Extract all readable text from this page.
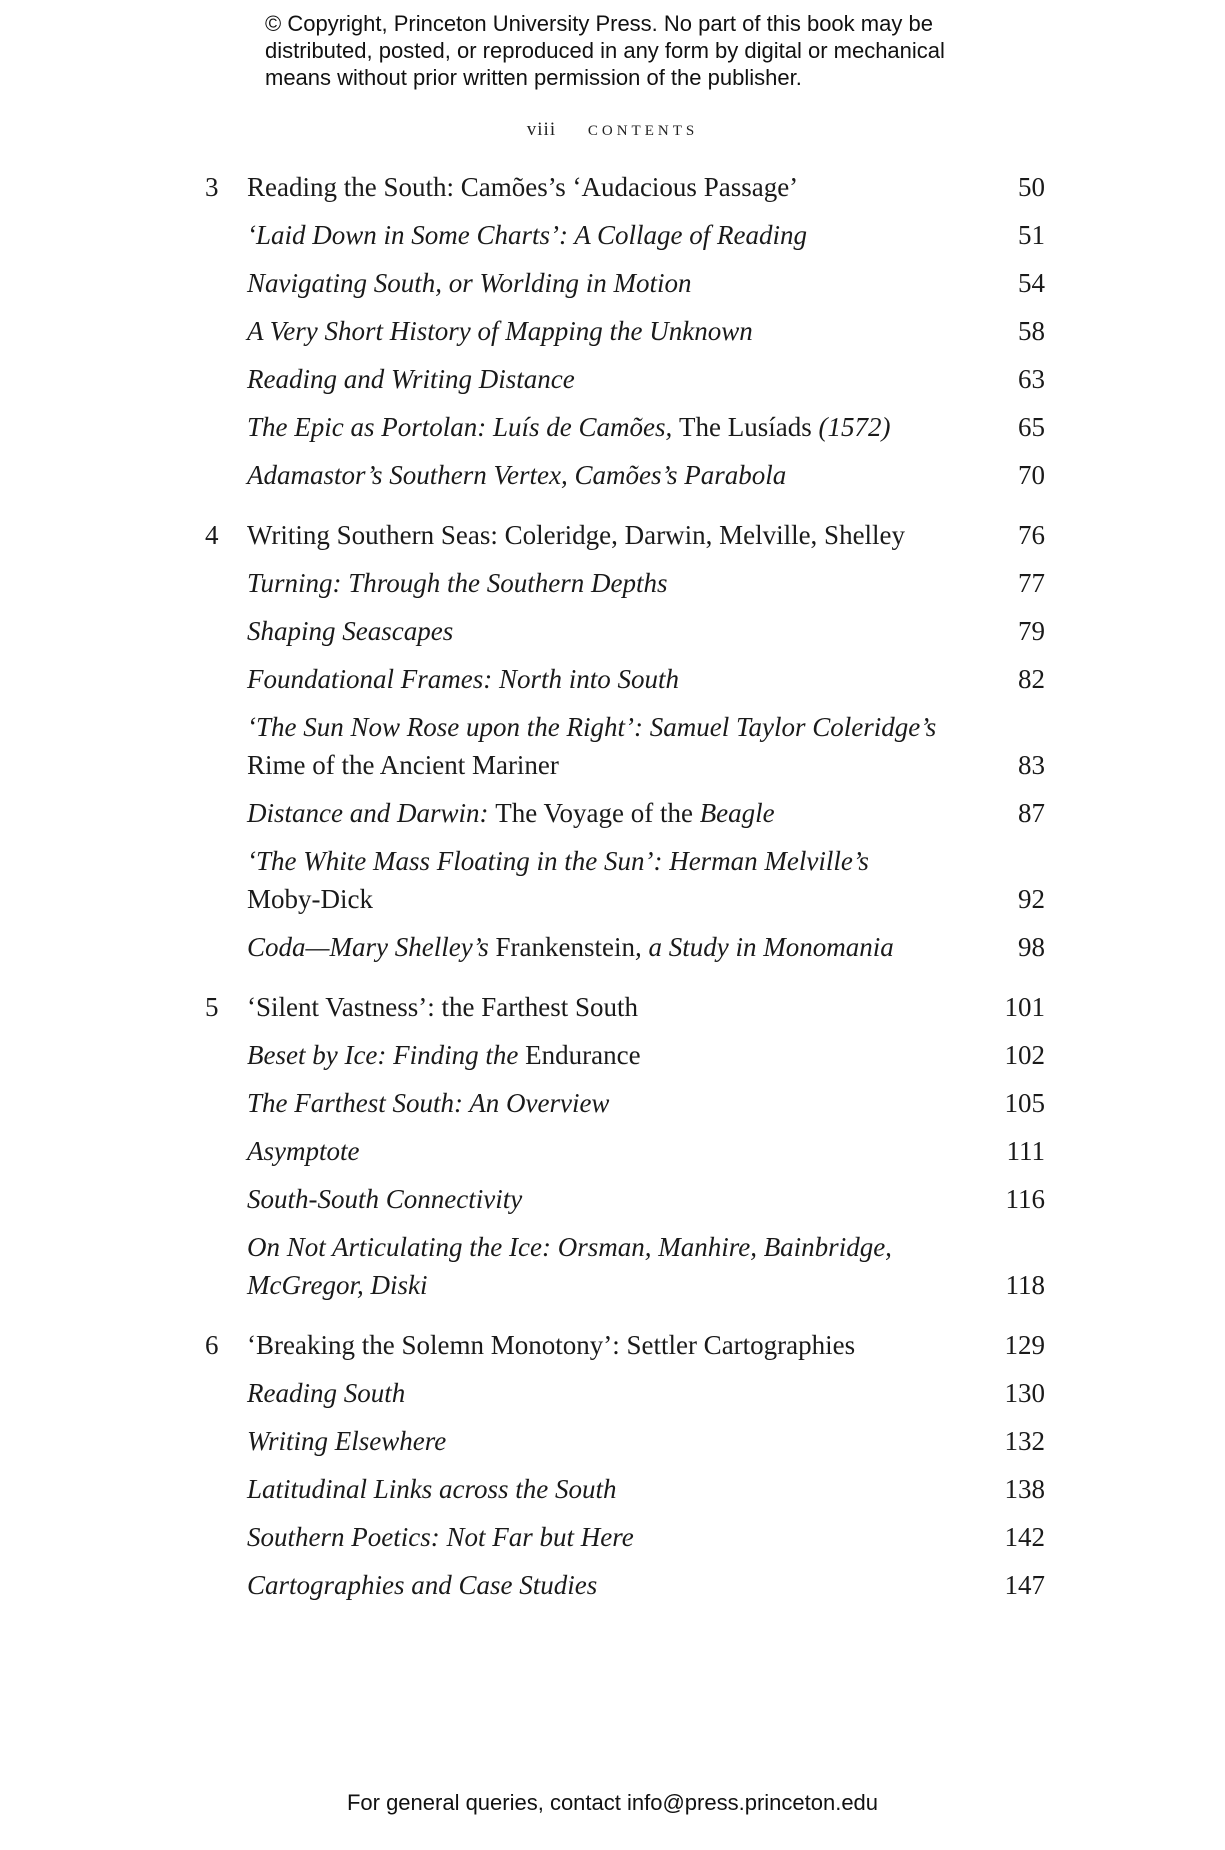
© Copyright, Princeton University Press. No part of this book may be
distributed, posted, or reproduced in any form by digital or mechanical
means without prior written permission of the publisher.
viii contents
3	Reading the South: Camões’s ‘Audacious Passage’	50
‘Laid Down in Some Charts’: A Collage of Reading	51
Navigating South, or Worlding in Motion	54
A Very Short History of Mapping the Unknown	58
Reading and Writing Distance	63
The Epic as Portolan: Luís de Camões, The Lusíads (1572)	65
Adamastor’s Southern Vertex, Camões’s Parabola	70
4	Writing Southern Seas: Coleridge, Darwin, Melville, Shelley	76
Turning: Through the Southern Depths	77
Shaping Seascapes	79
Foundational Frames: North into South	82
‘The Sun Now Rose upon the Right’: Samuel Taylor Coleridge’s
Rime of the Ancient Mariner	83
Distance and Darwin: The Voyage of the Beagle	87
‘The White Mass Floating in the Sun’: Herman Melville’s
Moby-Dick	92
Coda—Mary Shelley’s Frankenstein, a Study in Monomania	98
5	‘Silent Vastness’: the Farthest South	101
Beset by Ice: Finding the Endurance	102
The Farthest South: An Overview	105
Asymptote	111
South-South Connectivity	116
On Not Articulating the Ice: Orsman, Manhire, Bainbridge,
McGregor, Diski	118
6	‘Breaking the Solemn Monotony’: Settler Cartographies	129
Reading South	130
Writing Elsewhere	132
Latitudinal Links across the South	138
Southern Poetics: Not Far but Here	142
Cartographies and Case Studies	147
For general queries, contact info@press.princeton.edu
